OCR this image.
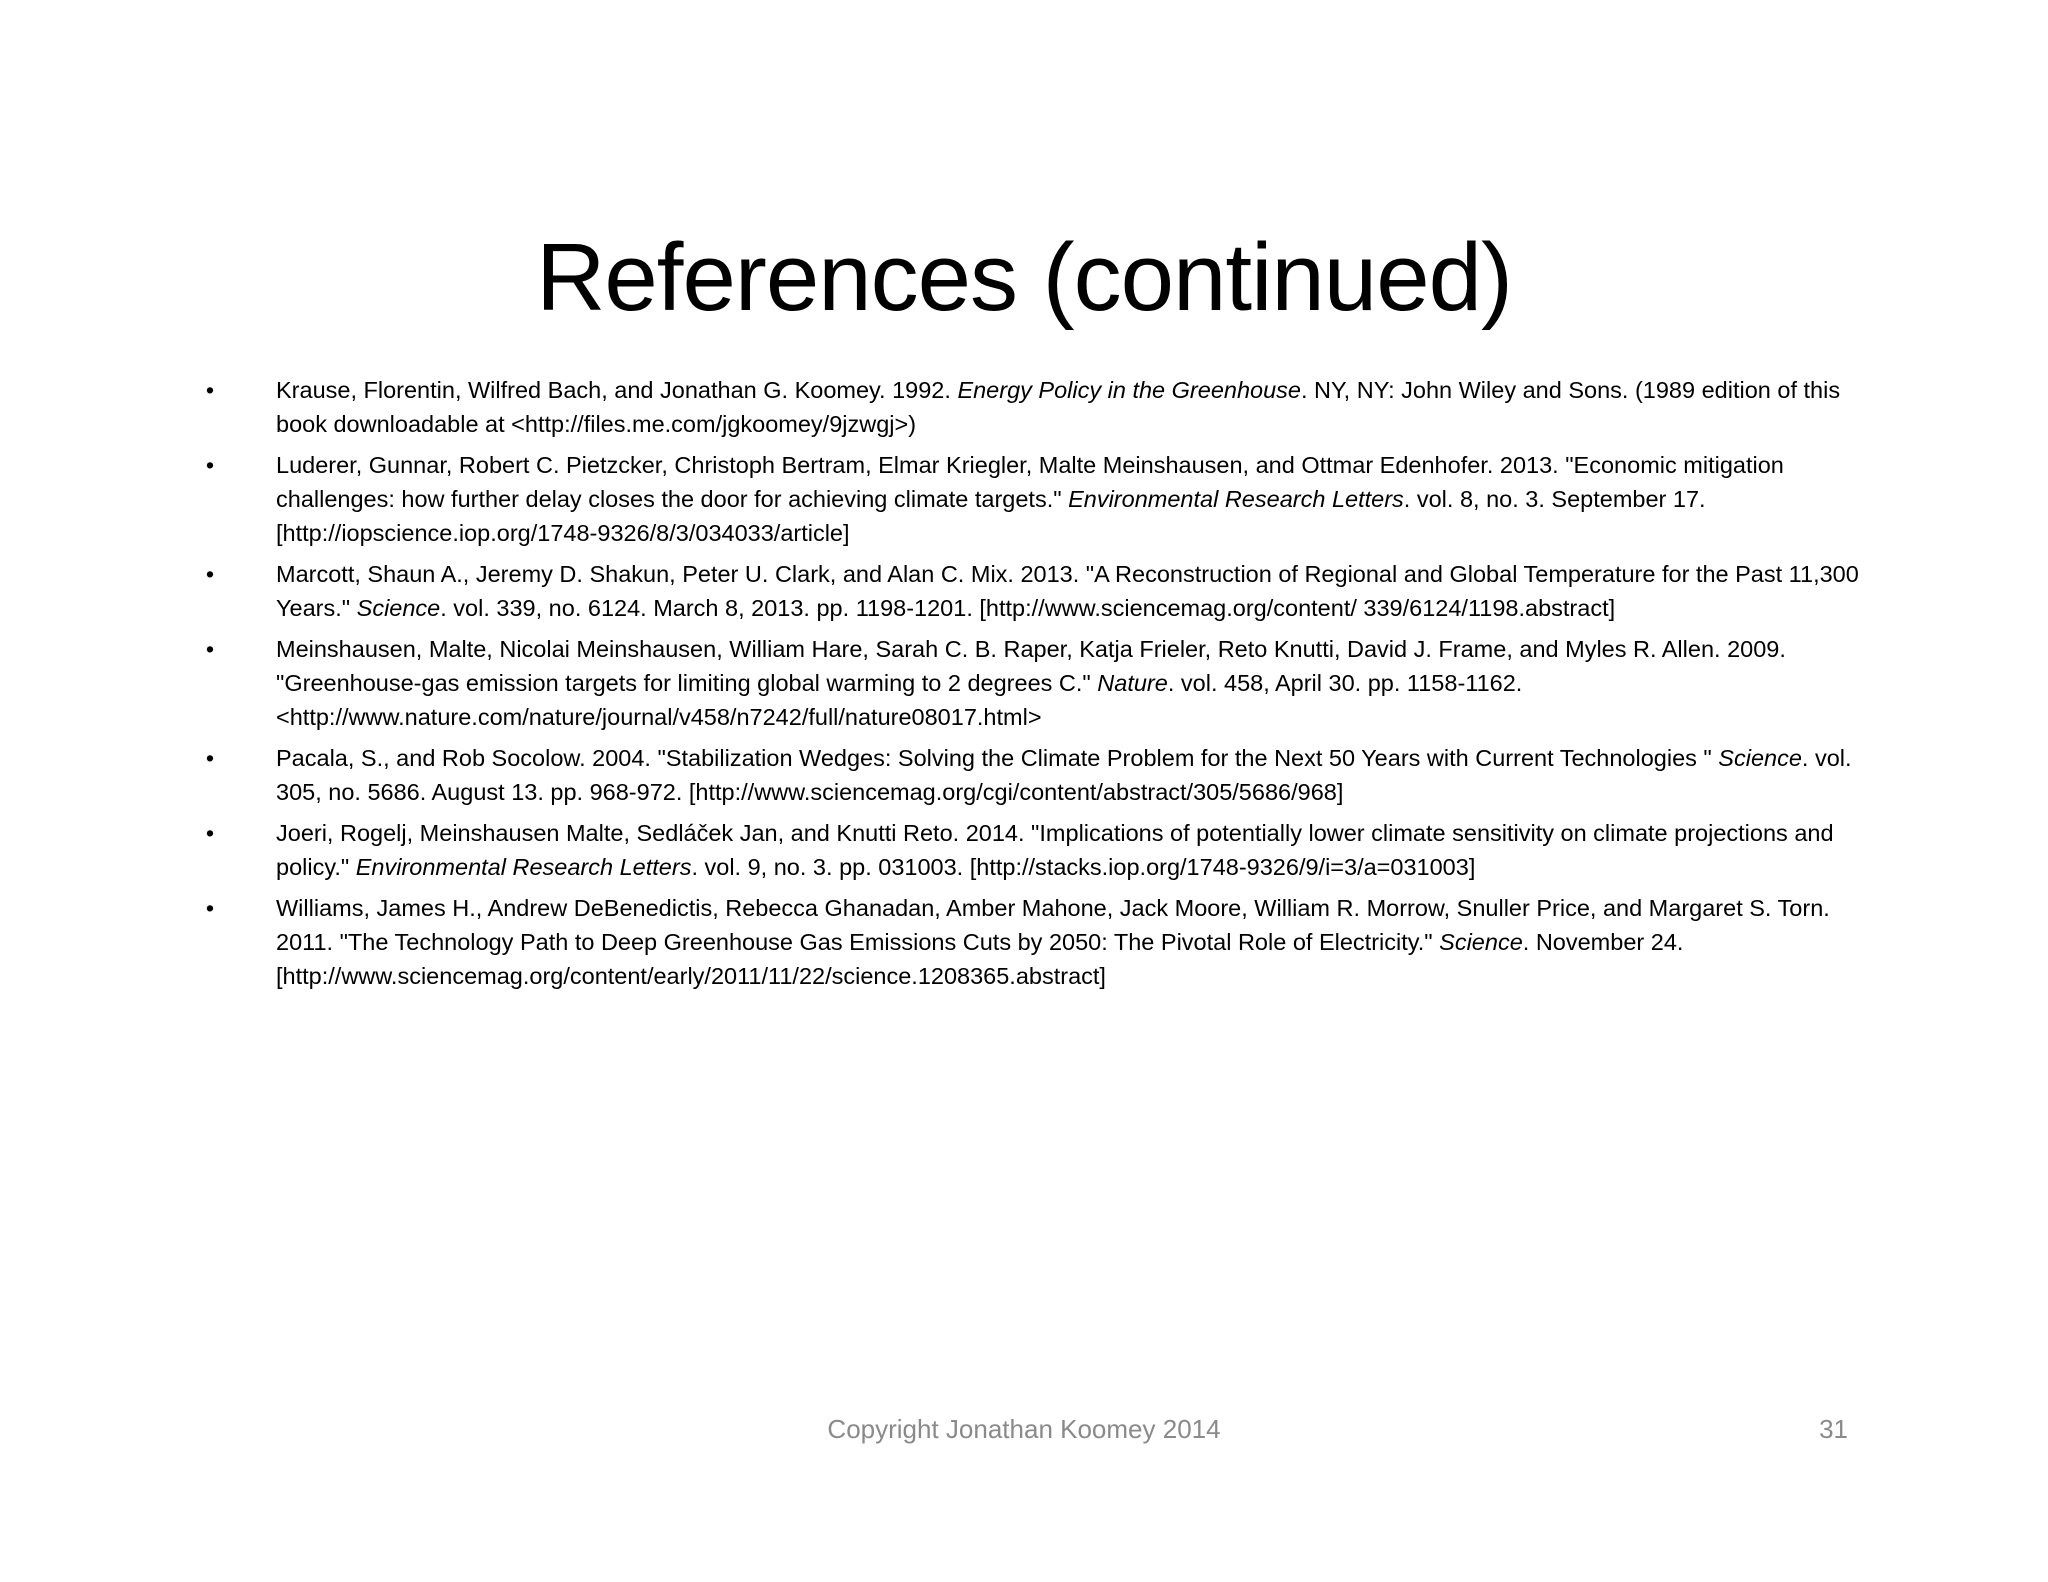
References (continued)
•	Krause, Florentin, Wilfred Bach, and Jonathan G. Koomey. 1992. Energy Policy in the Greenhouse. NY, NY: John Wiley and Sons. (1989 edition of this book downloadable at <http://files.me.com/jgkoomey/9jzwgj>)
•	Luderer, Gunnar, Robert C. Pietzcker, Christoph Bertram, Elmar Kriegler, Malte Meinshausen, and Ottmar Edenhofer. 2013. "Economic mitigation challenges: how further delay closes the door for achieving climate targets." Environmental Research Letters. vol. 8, no. 3. September 17. [http://iopscience.iop.org/1748-9326/8/3/034033/article]
•	Marcott, Shaun A., Jeremy D. Shakun, Peter U. Clark, and Alan C. Mix. 2013. "A Reconstruction of Regional and Global Temperature for the Past 11,300 Years." Science. vol. 339, no. 6124. March 8, 2013. pp. 1198-1201. [http://www.sciencemag.org/content/ 339/6124/1198.abstract]
•	Meinshausen, Malte, Nicolai Meinshausen, William Hare, Sarah C. B. Raper, Katja Frieler, Reto Knutti, David J. Frame, and Myles R. Allen. 2009. "Greenhouse-gas emission targets for limiting global warming to 2 degrees C." Nature. vol. 458, April 30. pp. 1158-1162. <http://www.nature.com/nature/journal/v458/n7242/full/nature08017.html>
•	Pacala, S., and Rob Socolow. 2004. "Stabilization Wedges: Solving the Climate Problem for the Next 50 Years with Current Technologies " Science. vol. 305, no. 5686. August 13. pp. 968-972. [http://www.sciencemag.org/cgi/content/abstract/305/5686/968]
•	Joeri, Rogelj, Meinshausen Malte, Sedláček Jan, and Knutti Reto. 2014. "Implications of potentially lower climate sensitivity on climate projections and policy." Environmental Research Letters. vol. 9, no. 3. pp. 031003. [http://stacks.iop.org/1748-9326/9/i=3/a=031003]
•	Williams, James H., Andrew DeBenedictis, Rebecca Ghanadan, Amber Mahone, Jack Moore, William R. Morrow, Snuller Price, and Margaret S. Torn. 2011. "The Technology Path to Deep Greenhouse Gas Emissions Cuts by 2050: The Pivotal Role of Electricity." Science. November 24. [http://www.sciencemag.org/content/early/2011/11/22/science.1208365.abstract]
Copyright Jonathan Koomey 2014	31
